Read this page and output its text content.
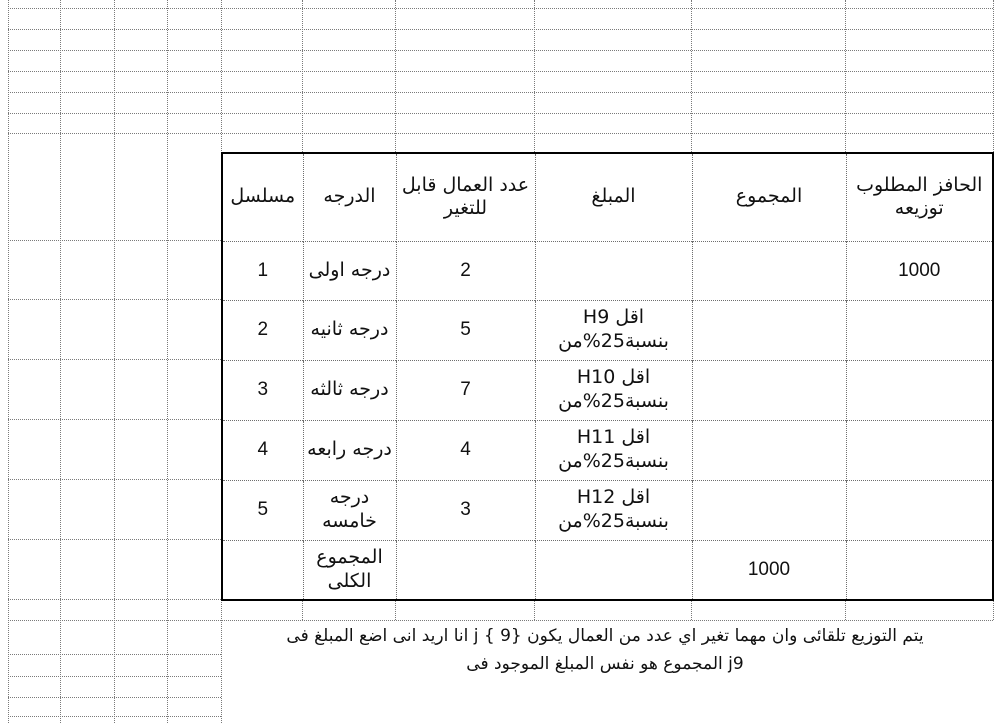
الحافز المطلوب توزيعه	المجموع	المبلغ	عدد العمال قابل للتغير	الدرجه	مسلسل

1000			2	درجه اولى	1

		اقل H9 بنسبة25%من	5	درجه ثانيه	2

		اقل H10 بنسبة25%من	7	درجه ثالثه	3

		اقل H11 بنسبة25%من	4	درجه رابعه	4

		اقل H12 بنسبة25%من	3	درجه خامسه	5
	1000			المجموع الكلى	

يتم التوزيع تلقائى وان مهما تغير اي عدد من العمال يكون {9 } j انا اريد انى اضع المبلغ فى
j9 المجموع هو نفس المبلغ الموجود فى
